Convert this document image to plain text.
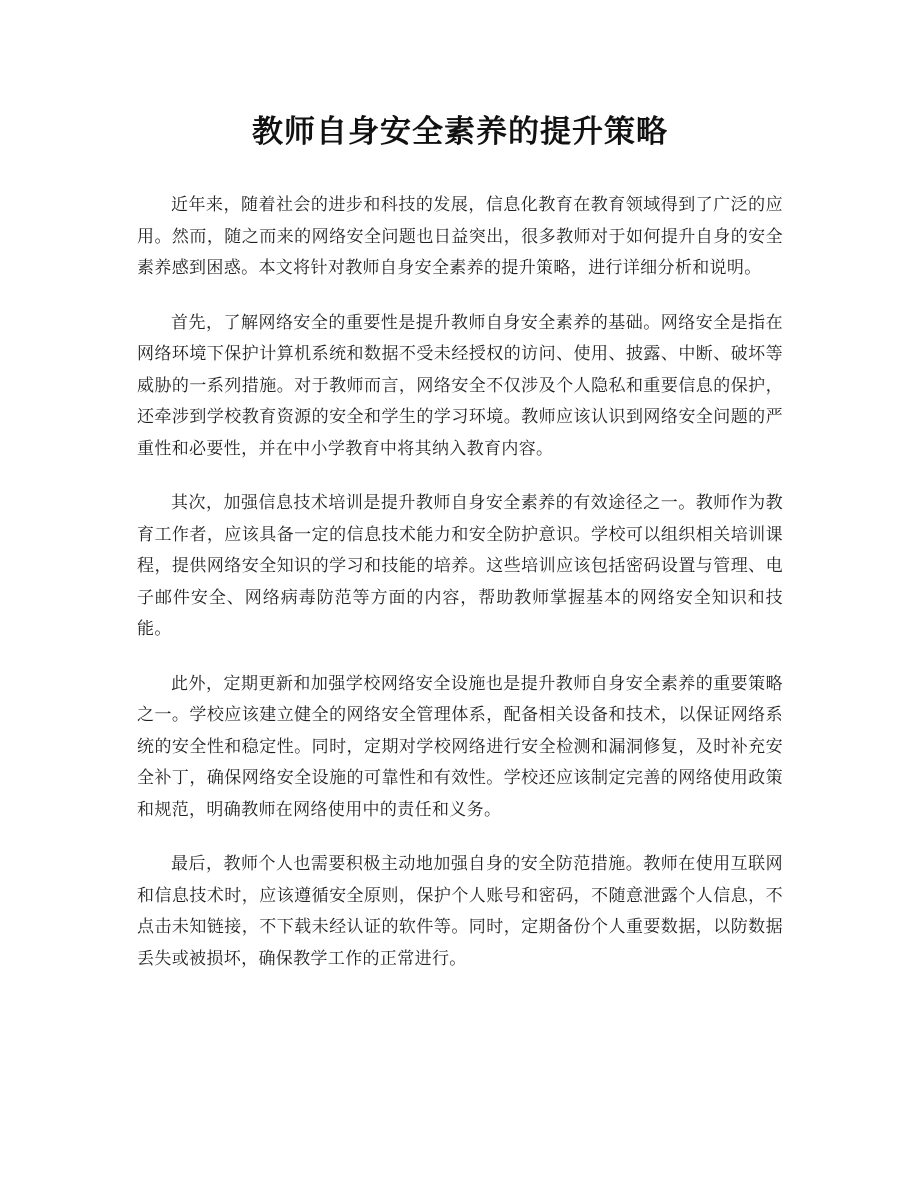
教师自身安全素养的提升策略

近年来，随着社会的进步和科技的发展，信息化教育在教育领域得到了广泛的应用。然而，随之而来的网络安全问题也日益突出，很多教师对于如何提升自身的安全素养感到困惑。本文将针对教师自身安全素养的提升策略，进行详细分析和说明。

首先，了解网络安全的重要性是提升教师自身安全素养的基础。网络安全是指在网络环境下保护计算机系统和数据不受未经授权的访问、使用、披露、中断、破坏等威胁的一系列措施。对于教师而言，网络安全不仅涉及个人隐私和重要信息的保护，还牵涉到学校教育资源的安全和学生的学习环境。教师应该认识到网络安全问题的严重性和必要性，并在中小学教育中将其纳入教育内容。

其次，加强信息技术培训是提升教师自身安全素养的有效途径之一。教师作为教育工作者，应该具备一定的信息技术能力和安全防护意识。学校可以组织相关培训课程，提供网络安全知识的学习和技能的培养。这些培训应该包括密码设置与管理、电子邮件安全、网络病毒防范等方面的内容，帮助教师掌握基本的网络安全知识和技能。

此外，定期更新和加强学校网络安全设施也是提升教师自身安全素养的重要策略之一。学校应该建立健全的网络安全管理体系，配备相关设备和技术，以保证网络系统的安全性和稳定性。同时，定期对学校网络进行安全检测和漏洞修复，及时补充安全补丁，确保网络安全设施的可靠性和有效性。学校还应该制定完善的网络使用政策和规范，明确教师在网络使用中的责任和义务。

最后，教师个人也需要积极主动地加强自身的安全防范措施。教师在使用互联网和信息技术时，应该遵循安全原则，保护个人账号和密码，不随意泄露个人信息，不点击未知链接，不下载未经认证的软件等。同时，定期备份个人重要数据，以防数据丢失或被损坏，确保教学工作的正常进行。
